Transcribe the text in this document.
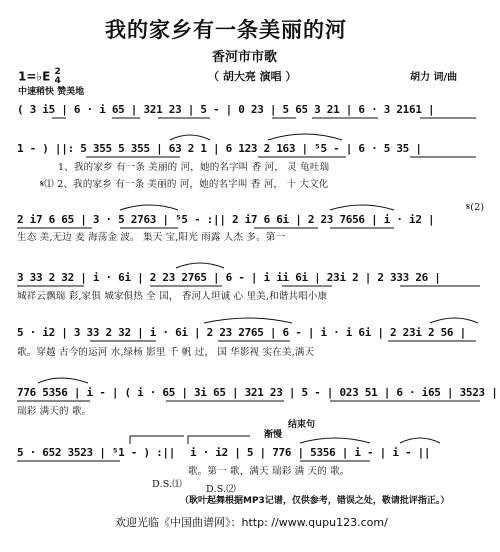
我的家乡有一条美丽的河
香河市市歌
1=♭E 2
4	（ 胡大亮 演唱 ）	胡力 词/曲
中速稍快 赞美地
( 3 i5 | 6 · i 65 | 321 23 | 5 - | 0 23 | 5 65 3 21 | 6 · 3 2161 |
1 - ) ||: 5 355 5 355 | 63 2 1 | 6 123 2 163 | ⁵5 - | 6 · 5 35 |
1、我的家乡 有一条 美丽的 河，她的名字叫 香 河， 灵 龟吐瑞
𝄋⑴ 2、我的家乡 有一条 美丽的 河，她的名字叫 香 河， 十 大文化
𝄋(2)
2 i7 6 65 | 3 · 5 2763 | ⁵5 - :|| 2 i7 6 6i | 2 23 7656 | i · i2 |
生态 美,无边 麦 海荡金 波。 集天 宝,阳光 雨露 人杰 多。第一
3 33 2 32 | i · 6i | 2 23 2765 | 6 - | i ii 6i | 23i 2 | 2 333 26 |
城祥云飘瑞 彩,家俱 城家俱热 全 国， 香河人坦诚 心 里美,和谐共唱小康
5 · i2 | 3 33 2 32 | i · 6i | 2 23 2765 | 6 - | i · i 6i | 2 23i 2 56 |
歌。穿越 古今的运河 水,绿杨 影里 千 帆 过， 国 华影视 实在美,满天
776 5356 | i - | ( i · 65 | 3i 65 | 321 23 | 5 - | 023 51 | 6 · i65 | 3523 |
瑞彩 满天的 歌。
渐慢
结束句
5 · 652 3523 | ⁵1 - ) :|| i · i2 | 5 | 776 | 5356 | i - | i - ||
歌。第一 歌，满天 瑞彩 满 天的 歌。
D.S.⑴	D.S.⑵
（耿叶起舞根据MP3记谱，仅供参考，错误之处，敬请批评指正。）
欢迎光临《中国曲谱网》：http: //www.qupu123.com/
